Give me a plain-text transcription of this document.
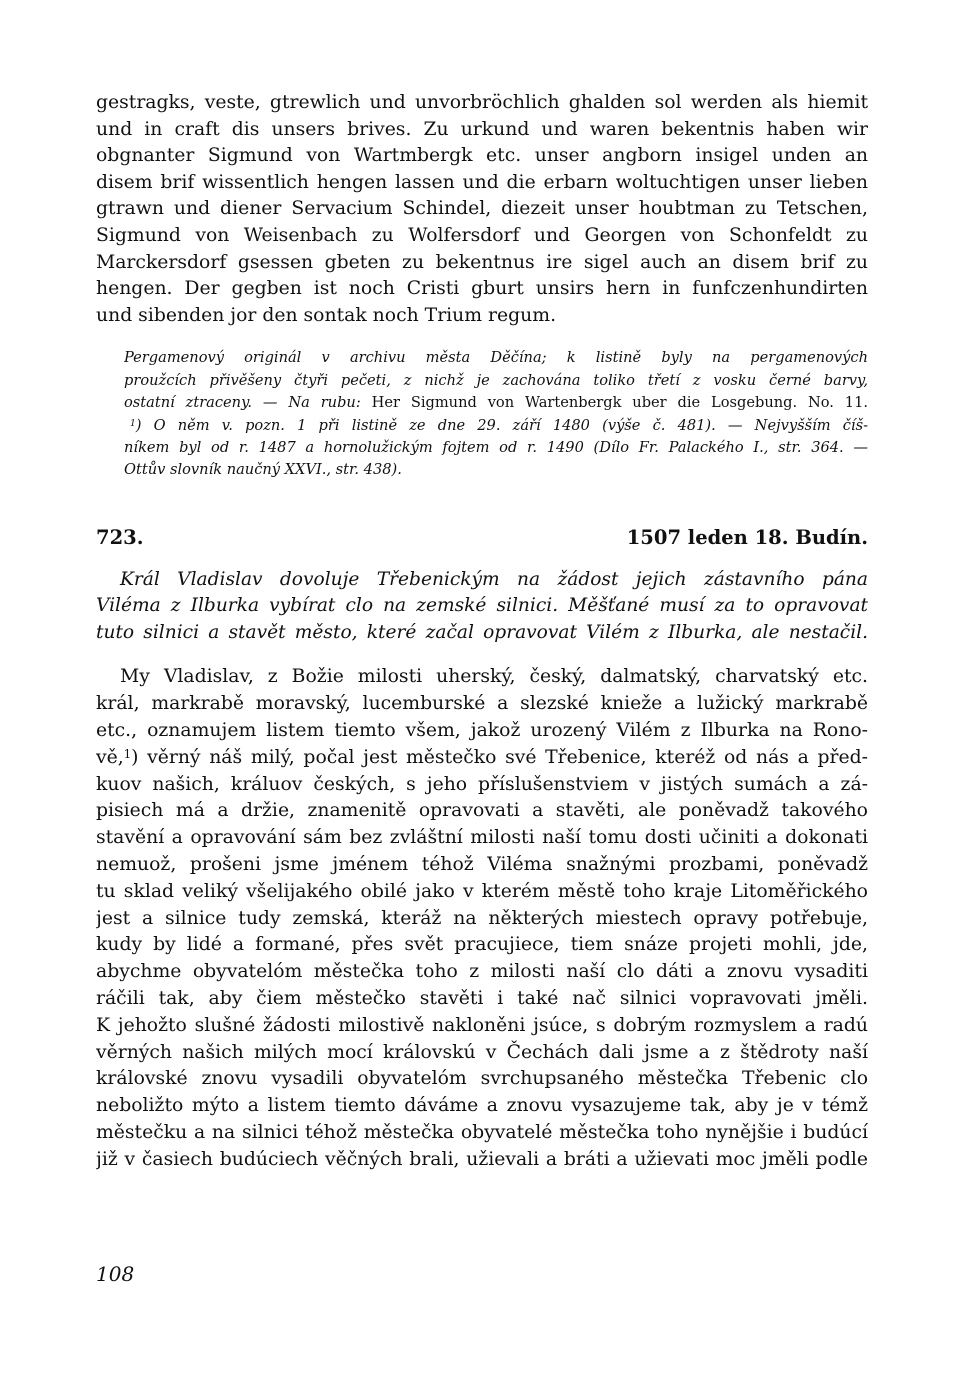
gestragks, veste, gtrewlich und unvorbröchlich ghalden sol werden als hiemit
und in craft dis unsers brives. Zu urkund und waren bekentnis haben wir
obgnanter Sigmund von Wartmbergk etc. unser angborn insigel unden an
disem brif wissentlich hengen lassen und die erbarn woltuchtigen unser lieben
gtrawn und diener Servacium Schindel, diezeit unser houbtman zu Tetschen,
Sigmund von Weisenbach zu Wolfersdorf und Georgen von Schonfeldt zu
Marckersdorf gsessen gbeten zu bekentnus ire sigel auch an disem brif zu
hengen. Der gegben ist noch Cristi gburt unsirs hern in funfczenhundirten
und sibenden jor den sontak noch Trium regum.
Pergamenový originál v archivu města Děčína; k listině byly na pergamenových
proužcích přivěšeny čtyři pečeti, z nichž je zachována toliko třetí z vosku černé barvy,
ostatní ztraceny. — Na rubu: Her Sigmund von Wartenbergk uber die Losgebung. No. 11.
$^1$) O něm v. pozn. 1 při listině ze dne 29. září 1480 (výše č. 481). — Nejvyšším číš-
níkem byl od r. 1487 a hornolužickým fojtem od r. 1490 (Dílo Fr. Palackého I., str. 364. —
Ottův slovník naučný XXVI., str. 438).
723.	1507 leden 18. Budín.
Král Vladislav dovoluje Třebenickým na žádost jejich zástavního pána
Viléma z Ilburka vybírat clo na zemské silnici. Měšťané musí za to opravovat
tuto silnici a stavět město, které začal opravovat Vilém z Ilburka, ale nestačil.
My Vladislav, z Božie milosti uherský, český, dalmatský, charvatský etc.
král, markrabě moravský, lucemburské a slezské knieže a lužický markrabě
etc., oznamujem listem tiemto všem, jakož urozený Vilém z Ilburka na Rono-
vě,$^1$) věrný náš milý, počal jest městečko své Třebenice, kteréž od nás a před-
kuov našich, králuov českých, s jeho příslušenstviem v jistých sumách a zá-
pisiech má a držie, znamenitě opravovati a stavěti, ale poněvadž takového
stavění a opravování sám bez zvláštní milosti naší tomu dosti učiniti a dokonati
nemuož, prošeni jsme jménem téhož Viléma snažnými prozbami, poněvadž
tu sklad veliký všelijakého obilé jako v kterém městě toho kraje Litoměřického
jest a silnice tudy zemská, kteráž na některých miestech opravy potřebuje,
kudy by lidé a formané, přes svět pracujiece, tiem snáze projeti mohli, jde,
abychme obyvatelóm městečka toho z milosti naší clo dáti a znovu vysaditi
ráčili tak, aby čiem městečko stavěti i také nač silnici vopravovati jměli.
K jehožto slušné žádosti milostivě nakloněni jsúce, s dobrým rozmyslem a radú
věrných našich milých mocí královskú v Čechách dali jsme a z štědroty naší
královské znovu vysadili obyvatelóm svrchupsaného městečka Třebenic clo
neboližto mýto a listem tiemto dáváme a znovu vysazujeme tak, aby je v témž
městečku a na silnici téhož městečka obyvatelé městečka toho nynějšie i budúcí
již v časiech budúciech věčných brali, užievali a bráti a užievati moc jměli podle
108
